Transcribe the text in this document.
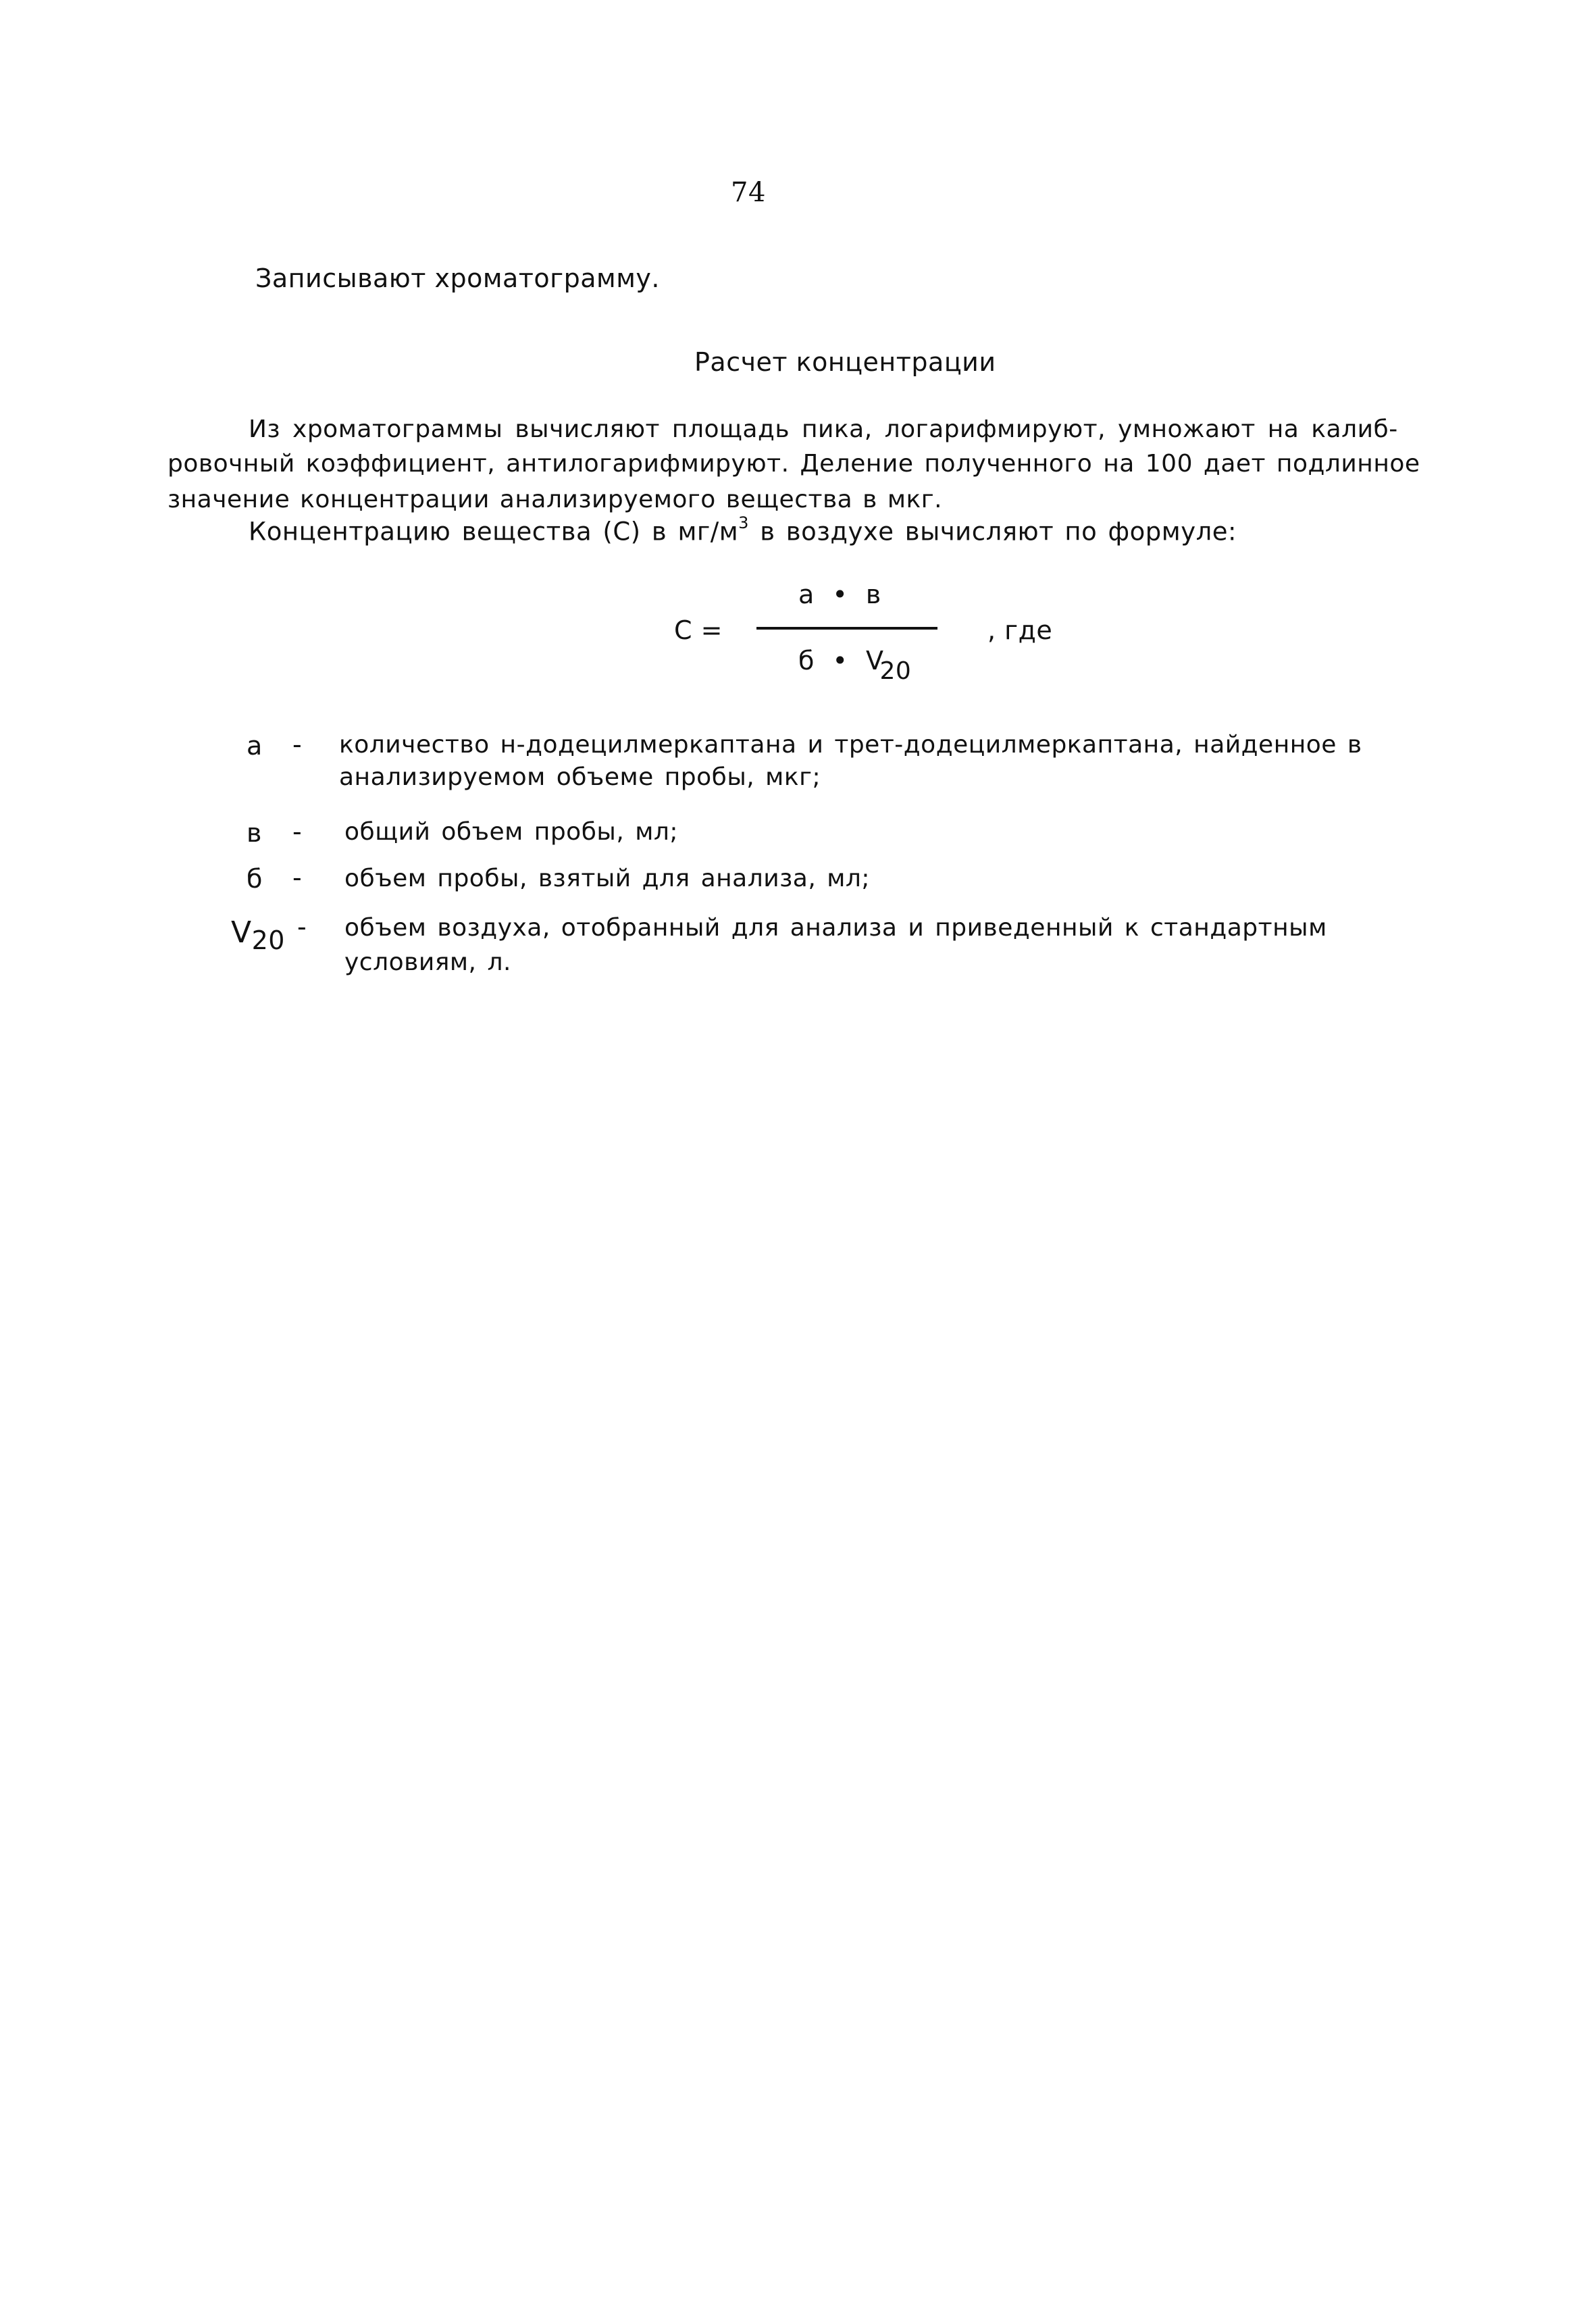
74
Записывают хроматограмму.
Расчет концентрации
Из хроматограммы вычисляют площадь пика, логарифмируют, умножают на калиб-
ровочный коэффициент, антилогарифмируют. Деление полученного на 100 дает подлинное
значение концентрации анализируемого вещества в мкг.
Концентрацию вещества (С) в $мг/м^3$ в воздухе вычисляют по формуле:
С =
а • в
б • V20
, где
а - количество н-додецилмеркаптана и трет-додецилмеркаптана, найденное в
анализируемом объеме пробы, мкг;
в - общий объем пробы, мл;
б - объем пробы, взятый для анализа, мл;
V20 - объем воздуха, отобранный для анализа и приведенный к стандартным
условиям, л.
